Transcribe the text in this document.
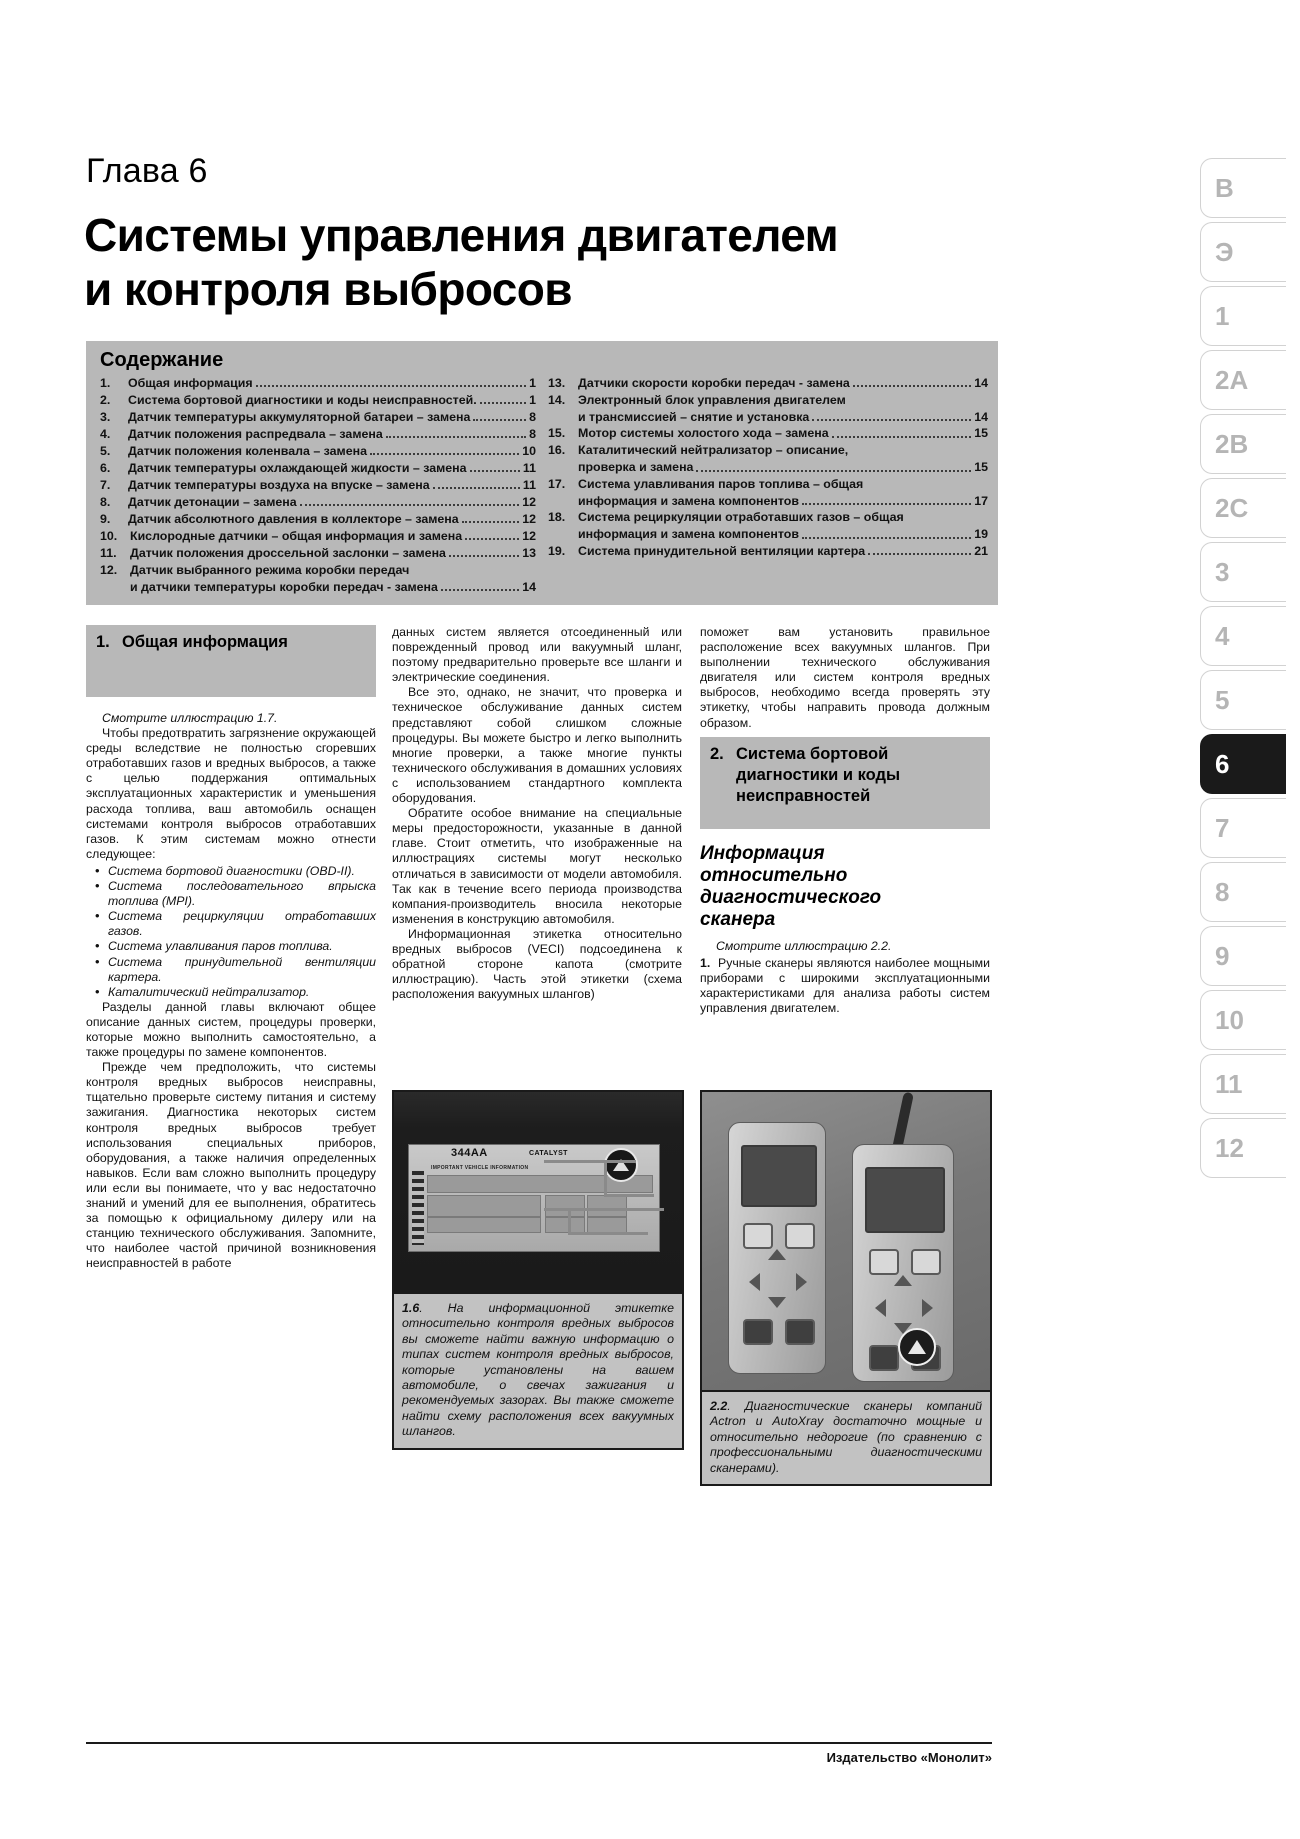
Глава 6
Системы управления двигателем
и контроля выбросов
Содержание
1.	Общая информация	1
2.	Система бортовой диагностики и коды неисправностей.	1
3.	Датчик температуры аккумуляторной батареи – замена	8
4.	Датчик положения распредвала – замена	8
5.	Датчик положения коленвала – замена	10
6.	Датчик температуры охлаждающей жидкости – замена	11
7.	Датчик температуры воздуха на впуске – замена	11
8.	Датчик детонации – замена	12
9.	Датчик абсолютного давления в коллекторе – замена	12
10.	Кислородные датчики – общая информация и замена	12
11.	Датчик положения дроссельной заслонки – замена	13
12.	Датчик выбранного режима коробки передач
и датчики температуры коробки передач - замена	14
13.	Датчики скорости коробки передач - замена	14
14.	Электронный блок управления двигателем
и трансмиссией – снятие и установка	14
15.	Мотор системы холостого хода – замена	15
16.	Каталитический нейтрализатор – описание,
проверка и замена	15
17.	Система улавливания паров топлива – общая
информация и замена компонентов	17
18.	Система рециркуляции отработавших газов – общая
информация и замена компонентов	19
19.	Система принудительной вентиляции картера	21
1. Общая информация

Смотрите иллюстрацию 1.7.

Чтобы предотвратить загрязнение окружающей среды вследствие не полностью сгоревших отработавших газов и вредных выбросов, а также с целью поддержания оптимальных эксплуатационных характеристик и уменьшения расхода топлива, ваш автомобиль оснащен системами контроля выбросов отработавших газов. К этим системам можно отнести следующее:

• Система бортовой диагностики (OBD-II).
• Система последовательного впрыска топлива (MPI).
• Система рециркуляции отработавших газов.
• Система улавливания паров топлива.
• Система принудительной вентиляции картера.
• Каталитический нейтрализатор.

Разделы данной главы включают общее описание данных систем, процедуры проверки, которые можно выполнить самостоятельно, а также процедуры по замене компонентов.

Прежде чем предположить, что системы контроля вредных выбросов неисправны, тщательно проверьте систему питания и систему зажигания. Диагностика некоторых систем контроля вредных выбросов требует использования специальных приборов, оборудования, а также наличия определенных навыков. Если вам сложно выполнить процедуру или если вы понимаете, что у вас недостаточно знаний и умений для ее выполнения, обратитесь за помощью к официальному дилеру или на станцию технического обслуживания. Запомните, что наиболее частой причиной возникновения неисправностей в работе

данных систем является отсоединенный или поврежденный провод или вакуумный шланг, поэтому предварительно проверьте все шланги и электрические соединения.

Все это, однако, не значит, что проверка и техническое обслуживание данных систем представляют собой слишком сложные процедуры. Вы можете быстро и легко выполнить многие проверки, а также многие пункты технического обслуживания в домашних условиях с использованием стандартного комплекта оборудования.

Обратите особое внимание на специальные меры предосторожности, указанные в данной главе. Стоит отметить, что изображенные на иллюстрациях системы могут несколько отличаться в зависимости от модели автомобиля. Так как в течение всего периода производства компания-производитель вносила некоторые изменения в конструкцию автомобиля.

Информационная этикетка относительно вредных выбросов (VECI) подсоединена к обратной стороне капота (смотрите иллюстрацию). Часть этой этикетки (схема расположения вакуумных шлангов)

поможет вам установить правильное расположение всех вакуумных шлангов. При выполнении технического обслуживания двигателя или систем контроля вредных выбросов, необходимо всегда проверять эту этикетку, чтобы направить провода должным образом.

2. Система бортовой
диагностики и коды
неисправностей
Информация
относительно
диагностического
сканера

Смотрите иллюстрацию 2.2.

1. Ручные сканеры являются наиболее мощными приборами с широкими эксплуатационными характеристиками для анализа работы систем управления двигателем.

344AA	CATALYST
IMPORTANT VEHICLE INFORMATION
1.6. На информационной этикетке относительно контроля вредных выбросов вы сможете найти важную информацию о типах систем контроля вредных выбросов, которые установлены на вашем автомобиле, о свечах зажигания и рекомендуемых зазорах. Вы также сможете найти схему расположения всех вакуумных шлангов.
2.2. Диагностические сканеры компаний Actron и AutoXray достаточно мощные и относительно недорогие (по сравнению с профессиональными диагностическими сканерами).
В
Э
1
2A
2B
2C
3
4
5
6
7
8
9
10
11
12
Издательство «Монолит»
